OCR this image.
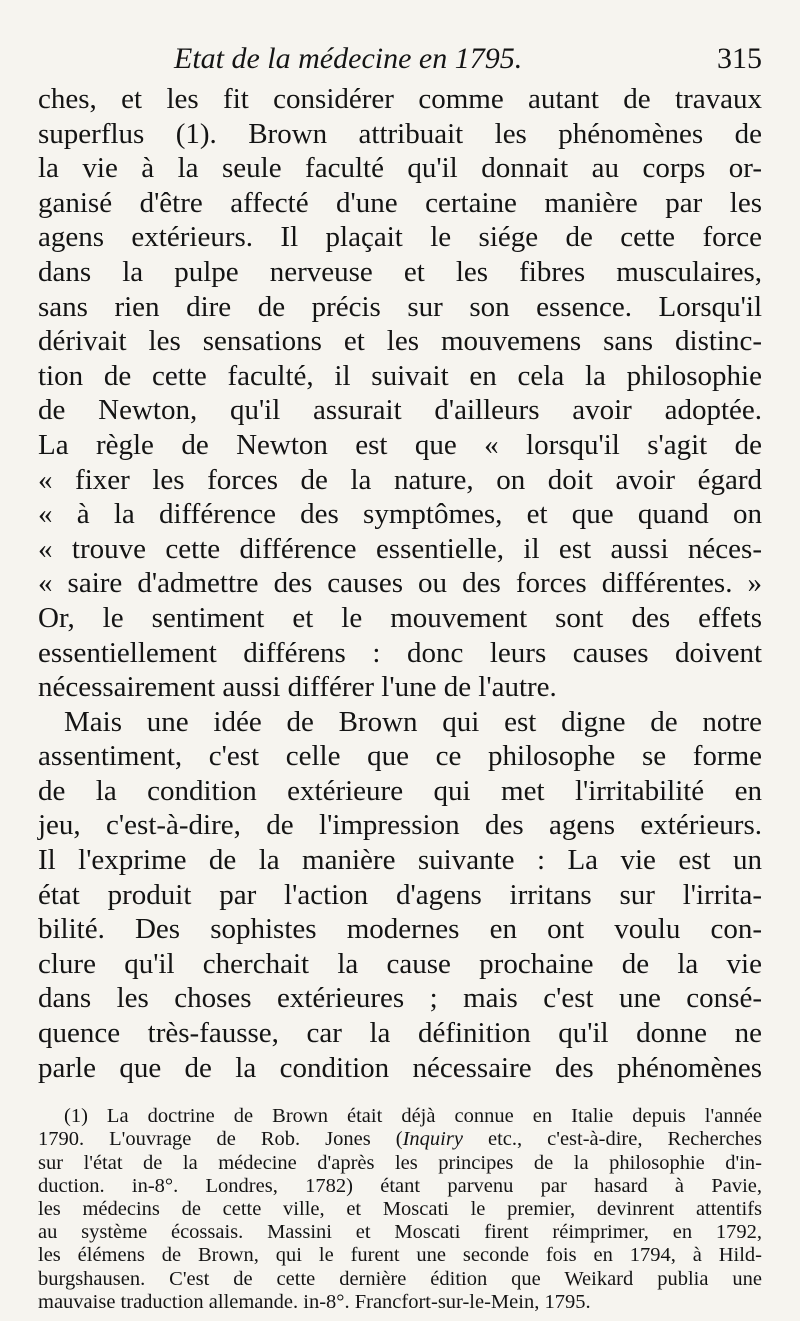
Etat de la médecine en 1795.	315
ches, et les fit considérer comme autant de travaux
superflus (1). Brown attribuait les phénomènes de
la vie à la seule faculté qu'il donnait au corps or-
ganisé d'être affecté d'une certaine manière par les
agens extérieurs. Il plaçait le siége de cette force
dans la pulpe nerveuse et les fibres musculaires,
sans rien dire de précis sur son essence. Lorsqu'il
dérivait les sensations et les mouvemens sans distinc-
tion de cette faculté, il suivait en cela la philosophie
de Newton, qu'il assurait d'ailleurs avoir adoptée.
La règle de Newton est que « lorsqu'il s'agit de
« fixer les forces de la nature, on doit avoir égard
« à la différence des symptômes, et que quand on
« trouve cette différence essentielle, il est aussi néces-
« saire d'admettre des causes ou des forces différentes. »
Or, le sentiment et le mouvement sont des effets
essentiellement différens : donc leurs causes doivent
nécessairement aussi différer l'une de l'autre.
Mais une idée de Brown qui est digne de notre
assentiment, c'est celle que ce philosophe se forme
de la condition extérieure qui met l'irritabilité en
jeu, c'est-à-dire, de l'impression des agens extérieurs.
Il l'exprime de la manière suivante : La vie est un
état produit par l'action d'agens irritans sur l'irrita-
bilité. Des sophistes modernes en ont voulu con-
clure qu'il cherchait la cause prochaine de la vie
dans les choses extérieures ; mais c'est une consé-
quence très-fausse, car la définition qu'il donne ne
parle que de la condition nécessaire des phénomènes
(1) La doctrine de Brown était déjà connue en Italie depuis l'année
1790. L'ouvrage de Rob. Jones (Inquiry etc., c'est-à-dire, Recherches
sur l'état de la médecine d'après les principes de la philosophie d'in-
duction. in-8°. Londres, 1782) étant parvenu par hasard à Pavie,
les médecins de cette ville, et Moscati le premier, devinrent attentifs
au système écossais. Massini et Moscati firent réimprimer, en 1792,
les élémens de Brown, qui le furent une seconde fois en 1794, à Hild-
burgshausen. C'est de cette dernière édition que Weikard publia une
mauvaise traduction allemande. in-8°. Francfort-sur-le-Mein, 1795.
